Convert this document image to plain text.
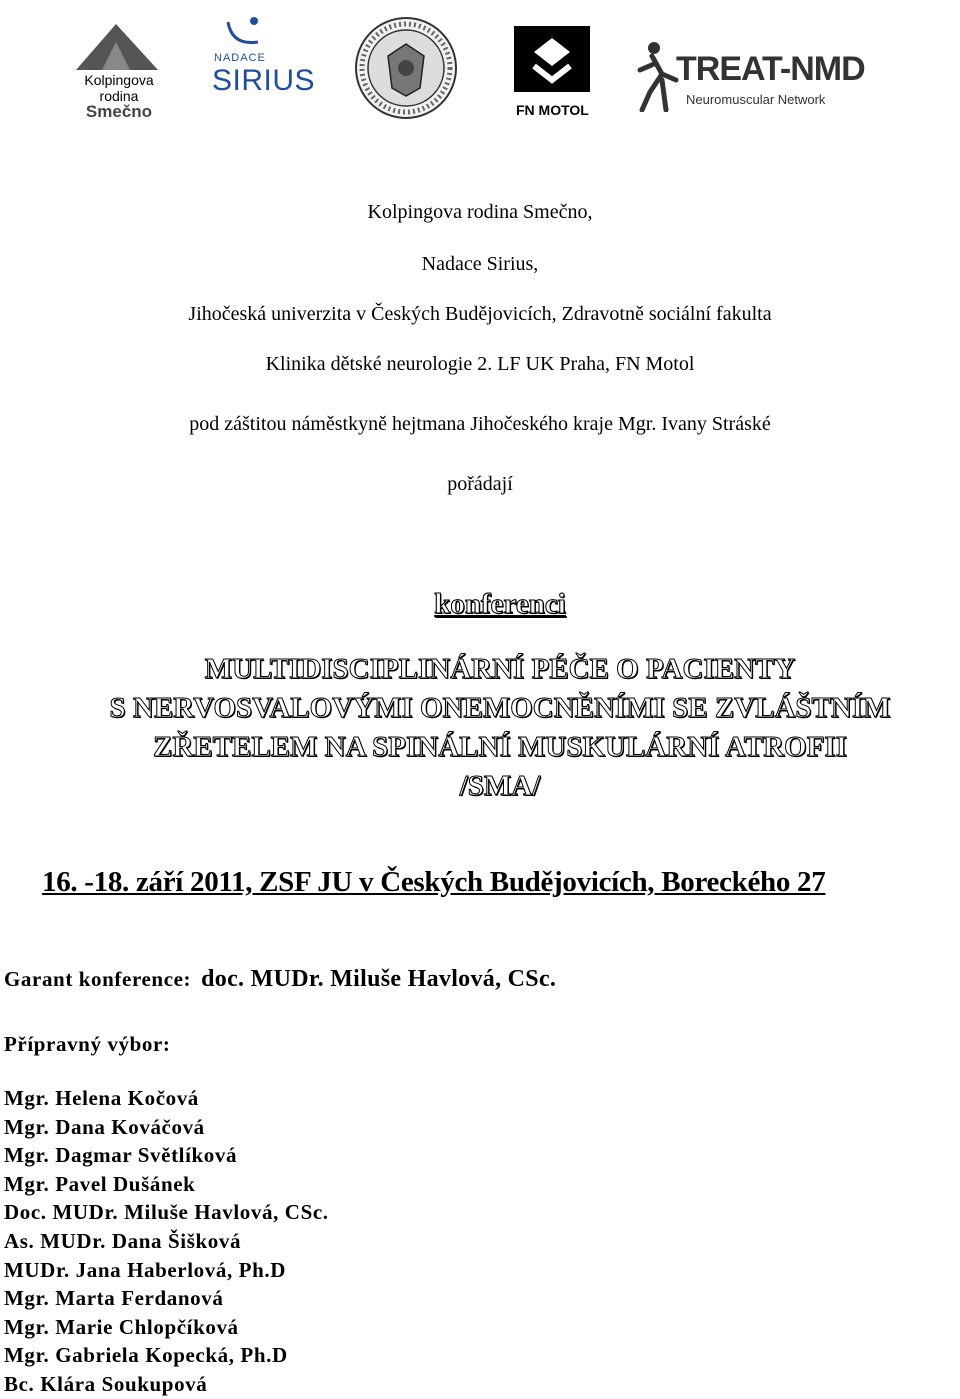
Kolpingova
rodina
Smečno
NADACE
SIRIUS
FN MOTOL
TREAT-NMD
Neuromuscular Network
Kolpingova rodina Smečno,
Nadace Sirius,
Jihočeská univerzita v Českých Budějovicích, Zdravotně sociální fakulta
Klinika dětské neurologie 2. LF UK Praha, FN Motol
pod záštitou náměstkyně hejtmana Jihočeského kraje Mgr. Ivany Stráské
pořádají
konferenci
MULTIDISCIPLINÁRNÍ PÉČE O PACIENTY
S NERVOSVALOVÝMI ONEMOCNĚNÍMI SE ZVLÁŠTNÍM
ZŘETELEM NA SPINÁLNÍ MUSKULÁRNÍ ATROFII
/SMA/
16. -18. září 2011, ZSF JU v Českých Budějovicích, Boreckého 27
Garant konference: doc. MUDr. Miluše Havlová, CSc.
Přípravný výbor:
Mgr. Helena Kočová
Mgr. Dana Kováčová
Mgr. Dagmar Světlíková
Mgr. Pavel Dušánek
Doc. MUDr. Miluše Havlová, CSc.
As. MUDr. Dana Šišková
MUDr. Jana Haberlová, Ph.D
Mgr. Marta Ferdanová
Mgr. Marie Chlopčíková
Mgr. Gabriela Kopecká, Ph.D
Bc. Klára Soukupová
